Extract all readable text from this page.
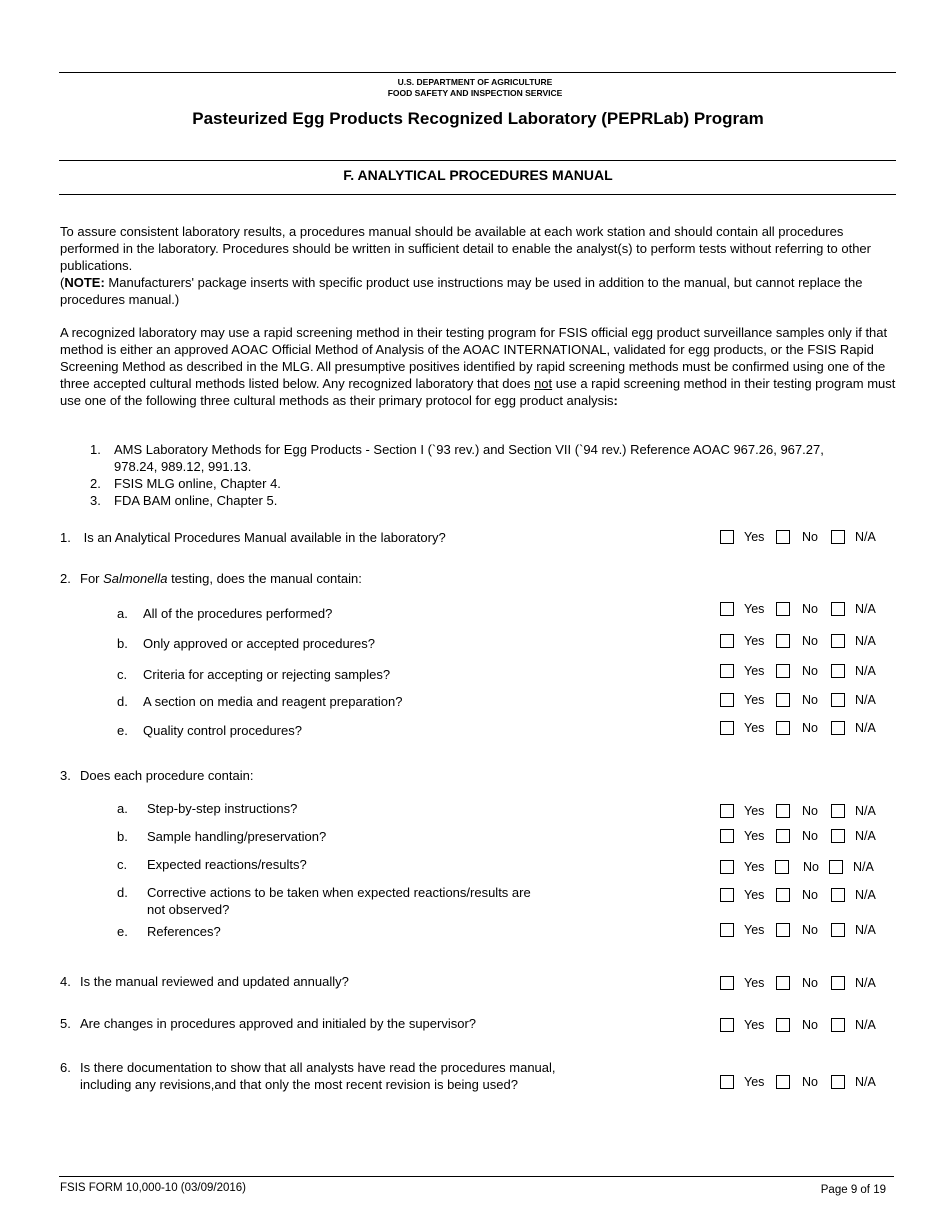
U.S. DEPARTMENT OF AGRICULTURE
FOOD SAFETY AND INSPECTION SERVICE
Pasteurized Egg Products Recognized Laboratory (PEPRLab) Program
F. ANALYTICAL PROCEDURES MANUAL
To assure consistent laboratory results, a procedures manual should be available at each work station and should contain all procedures performed in the laboratory. Procedures should be written in sufficient detail to enable the analyst(s) to perform tests without referring to other publications.
(NOTE: Manufacturers' package inserts with specific product use instructions may be used in addition to the manual, but cannot replace the procedures manual.)
A recognized laboratory may use a rapid screening method in their testing program for FSIS official egg product surveillance samples only if that method is either an approved AOAC Official Method of Analysis of the AOAC INTERNATIONAL, validated for egg products, or the FSIS Rapid Screening Method as described in the MLG. All presumptive positives identified by rapid screening methods must be confirmed using one of the three accepted cultural methods listed below. Any recognized laboratory that does not use a rapid screening method in their testing program must use one of the following three cultural methods as their primary protocol for egg product analysis:
1. AMS Laboratory Methods for Egg Products - Section I (`93 rev.) and Section VII (`94 rev.) Reference AOAC 967.26, 967.27, 978.24, 989.12, 991.13.
2. FSIS MLG online, Chapter 4.
3. FDA BAM online, Chapter 5.
1. Is an Analytical Procedures Manual available in the laboratory?	Yes	No	N/A
2. For Salmonella testing, does the manual contain:
a. All of the procedures performed?	Yes	No	N/A
b. Only approved or accepted procedures?	Yes	No	N/A
c. Criteria for accepting or rejecting samples?	Yes	No	N/A
d. A section on media and reagent preparation?	Yes	No	N/A
e. Quality control procedures?	Yes	No	N/A
3. Does each procedure contain:
a. Step-by-step instructions?	Yes	No	N/A
b. Sample handling/preservation?	Yes	No	N/A
c. Expected reactions/results?	Yes	No	N/A
d. Corrective actions to be taken when expected reactions/results are
not observed?
Yes	No	N/A
e. References?	Yes	No	N/A
4. Is the manual reviewed and updated annually?	Yes	No	N/A
5. Are changes in procedures approved and initialed by the supervisor?	Yes	No	N/A
6. Is there documentation to show that all analysts have read the procedures manual,
including any revisions,and that only the most recent revision is being used?	Yes	No	N/A
FSIS FORM 10,000-10 (03/09/2016)	Page 9 of 19
